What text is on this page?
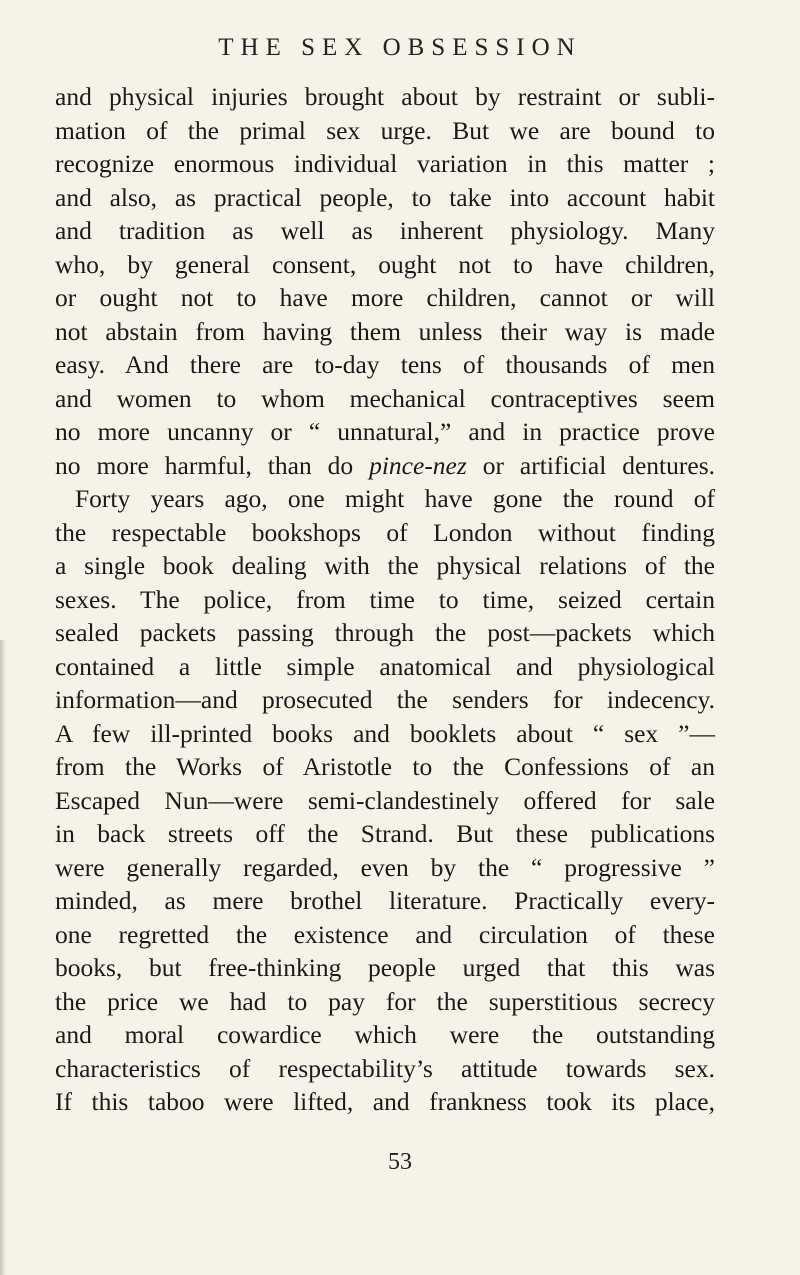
THE SEX OBSESSION
and physical injuries brought about by restraint or subli-
mation of the primal sex urge. But we are bound to
recognize enormous individual variation in this matter ;
and also, as practical people, to take into account habit
and tradition as well as inherent physiology. Many
who, by general consent, ought not to have children,
or ought not to have more children, cannot or will
not abstain from having them unless their way is made
easy. And there are to-day tens of thousands of men
and women to whom mechanical contraceptives seem
no more uncanny or “ unnatural,” and in practice prove
no more harmful, than do pince-nez or artificial dentures.
Forty years ago, one might have gone the round of
the respectable bookshops of London without finding
a single book dealing with the physical relations of the
sexes. The police, from time to time, seized certain
sealed packets passing through the post—packets which
contained a little simple anatomical and physiological
information—and prosecuted the senders for indecency.
A few ill-printed books and booklets about “ sex ”—
from the Works of Aristotle to the Confessions of an
Escaped Nun—were semi-clandestinely offered for sale
in back streets off the Strand. But these publications
were generally regarded, even by the “ progressive ”
minded, as mere brothel literature. Practically every-
one regretted the existence and circulation of these
books, but free-thinking people urged that this was
the price we had to pay for the superstitious secrecy
and moral cowardice which were the outstanding
characteristics of respectability’s attitude towards sex.
If this taboo were lifted, and frankness took its place,
53
